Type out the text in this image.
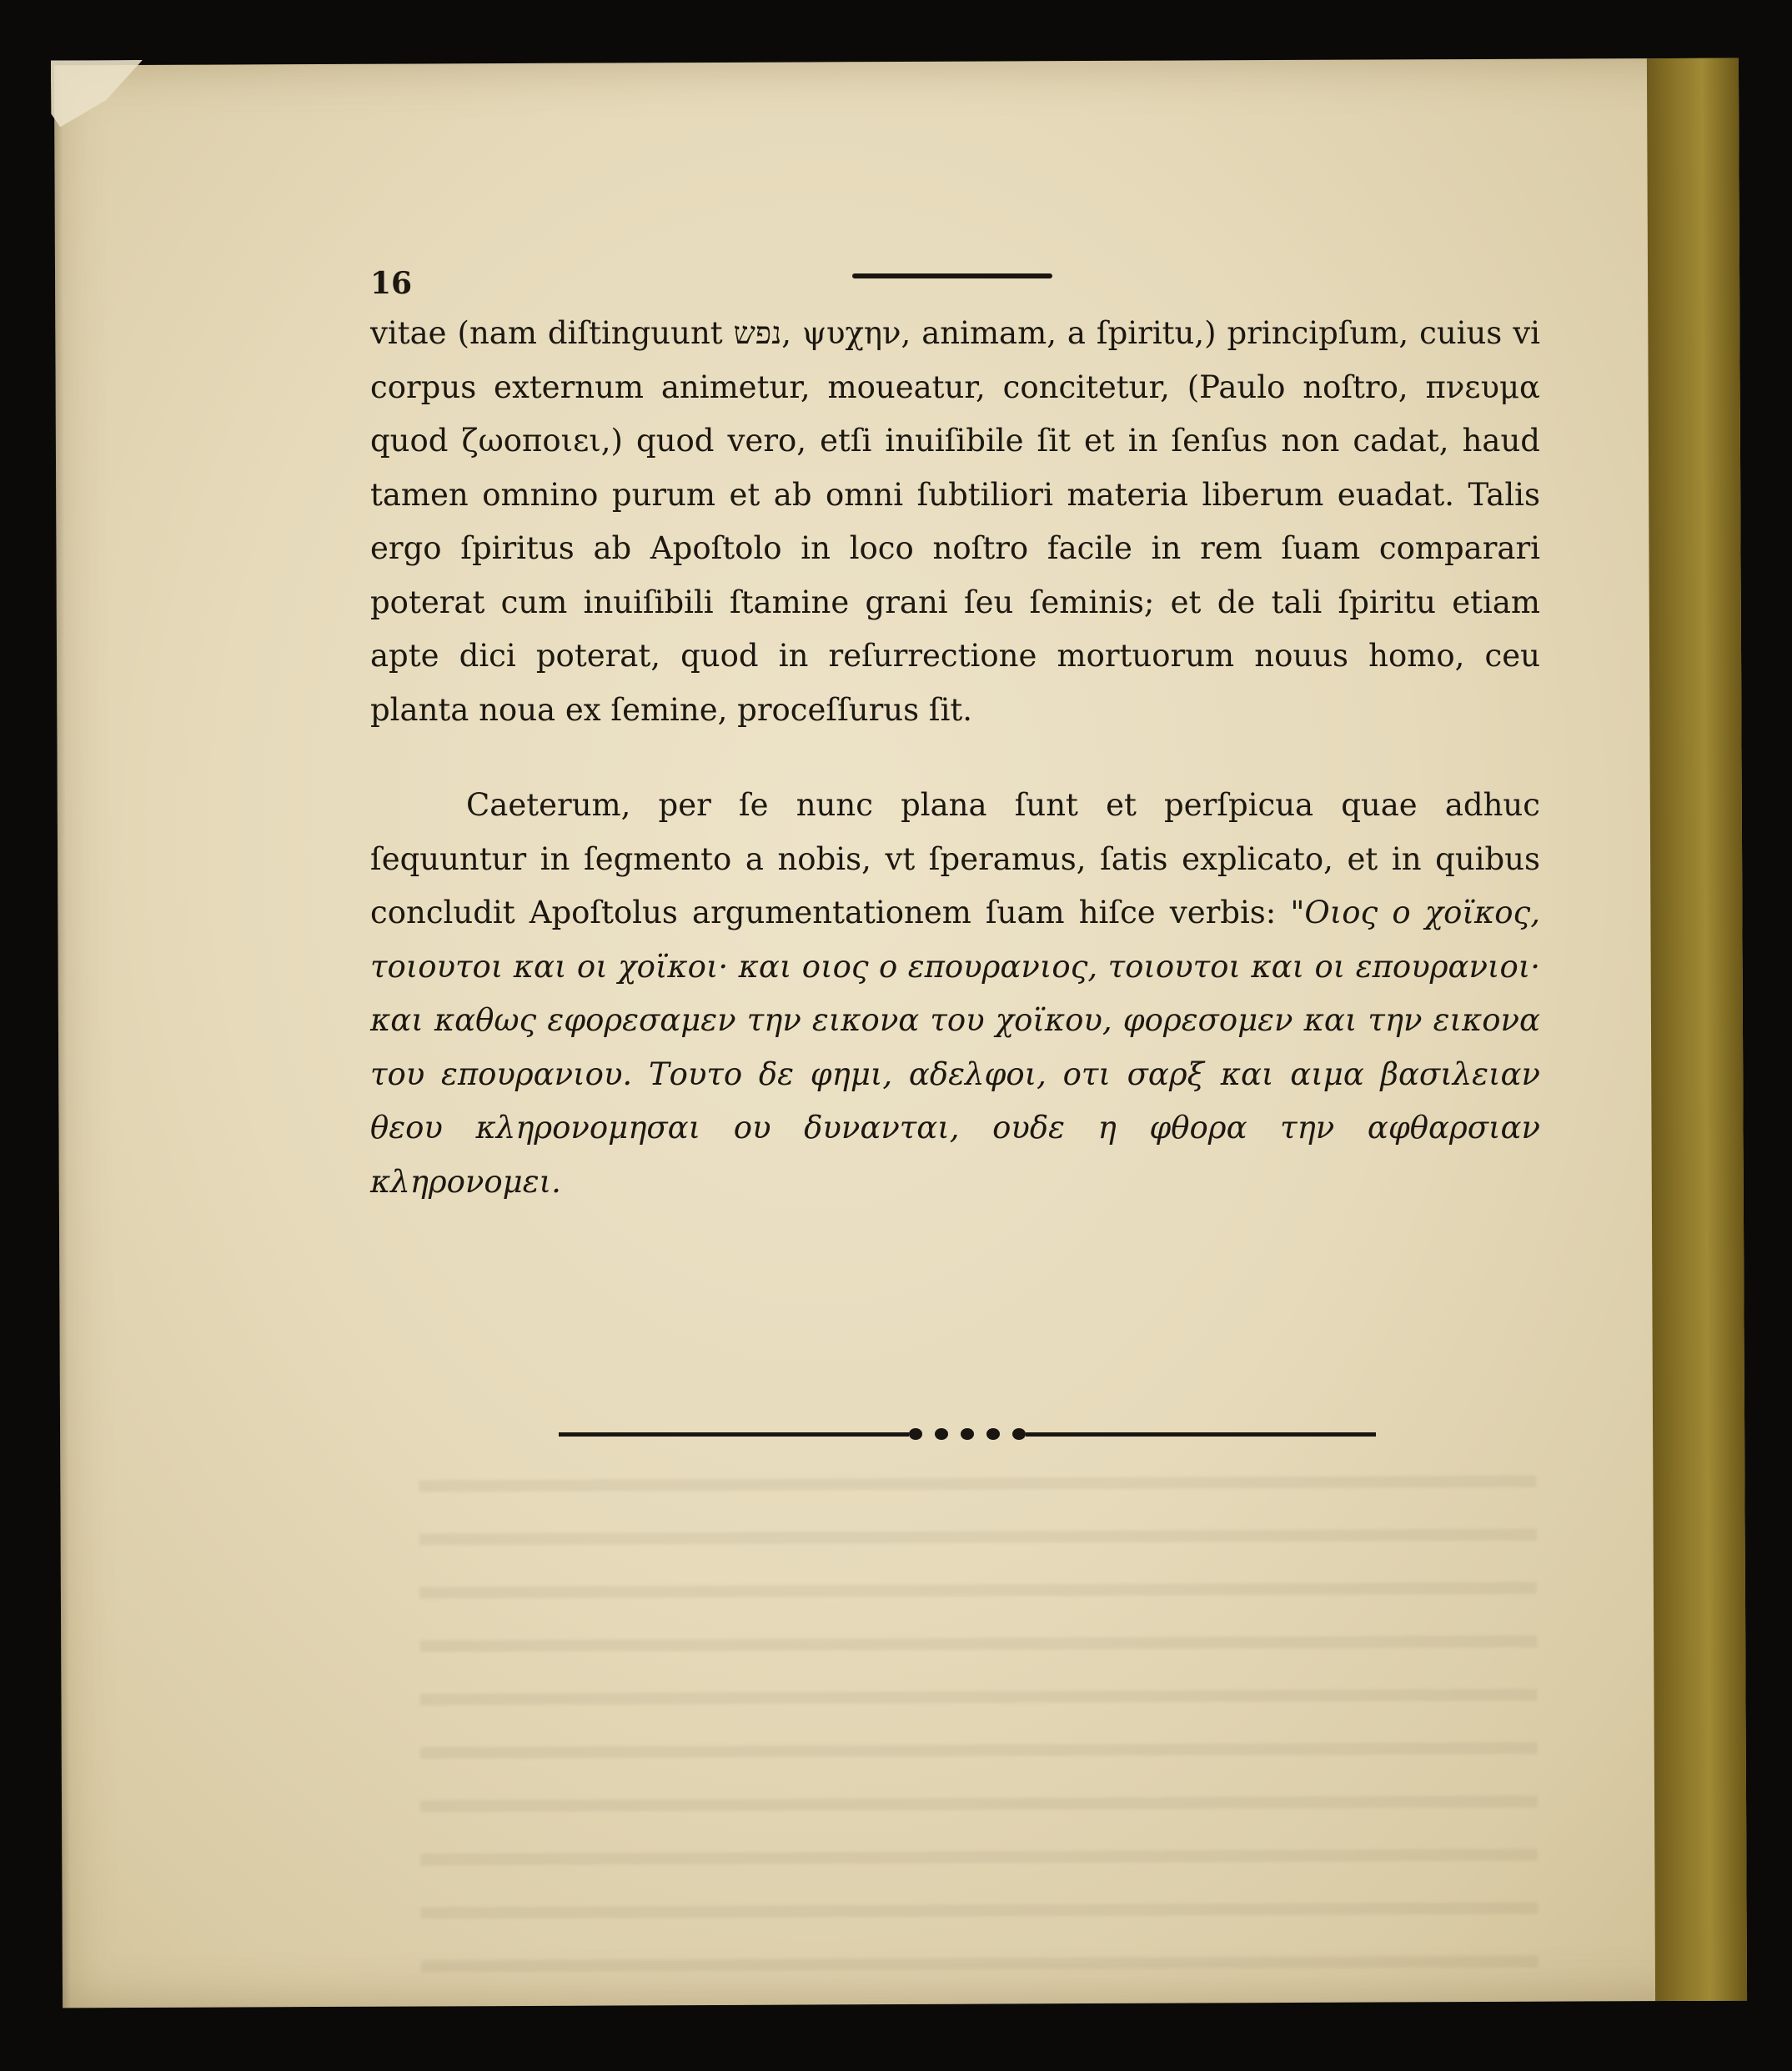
16

vitae (nam diſtinguunt נפש, ψυχην, animam, a ſpiritu,) principſum, cuius vi corpus externum animetur, moueatur, concitetur, (Paulo noſtro, πνευμα quod ζωοποιει,) quod vero, etſi inuiſibile ſit et in ſenſus non cadat, haud tamen omnino purum et ab omni ſubtiliori materia liberum euadat. Talis ergo ſpiritus ab Apoſtolo in loco noſtro facile in rem ſuam comparari poterat cum inuiſibili ſtamine grani ſeu ſeminis; et de tali ſpiritu etiam apte dici poterat, quod in reſurrectione mortuorum nouus homo, ceu planta noua ex ſemine, proceſſurus ſit.

Caeterum, per ſe nunc plana ſunt et perſpicua quae adhuc ſequuntur in ſegmento a nobis, vt ſperamus, ſatis explicato, et in quibus concludit Apoſtolus argumentationem ſuam hiſce verbis: "Οιος ο χοϊκος, τοιουτοι και οι χοϊκοι· και οιος ο επουρανιος, τοιουτοι και οι επουρανιοι· και καθως εφορεσαμεν την εικονα του χοϊκου, φορεσομεν και την εικονα του επουρανιου. Τουτο δε φημι, αδελφοι, οτι σαρξ και αιμα βασιλειαν θεου κληρονομησαι ου δυνανται, ουδε η φθορα την αφθαρσιαν κληρονομει.
